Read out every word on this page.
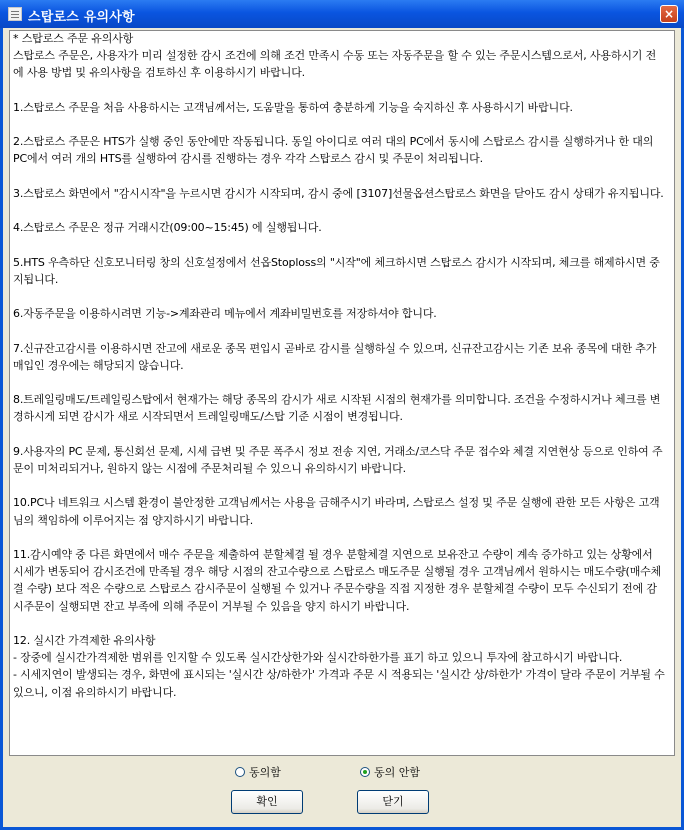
스탑로스 유의사항	×

* 스탑로스 주문 유의사항

스탑로스 주문은, 사용자가 미리 설정한 감시 조건에 의해 조건 만족시 수동 또는 자동주문을 할 수 있는 주문시스템으로서, 사용하시기 전에 사용 방법 및 유의사항을 검토하신 후 이용하시기 바랍니다.

1.스탑로스 주문을 처음 사용하시는 고객님께서는, 도움말을 통하여 충분하게 기능을 숙지하신 후 사용하시기 바랍니다.

2.스탑로스 주문은 HTS가 실행 중인 동안에만 작동됩니다. 동일 아이디로 여러 대의 PC에서 동시에 스탑로스 감시를 실행하거나 한 대의 PC에서 여러 개의 HTS를 실행하여 감시를 진행하는 경우 각각 스탑로스 감시 및 주문이 처리됩니다.

3.스탑로스 화면에서 "감시시작"을 누르시면 감시가 시작되며, 감시 중에 [3107]선물옵션스탑로스 화면을 닫아도 감시 상태가 유지됩니다.

4.스탑로스 주문은 정규 거래시간(09:00~15:45) 에 실행됩니다.

5.HTS 우측하단 신호모니터링 창의 신호설정에서 선옵Stoploss의 "시작"에 체크하시면 스탑로스 감시가 시작되며, 체크를 해제하시면 중지됩니다.

6.자동주문을 이용하시려면 기능->계좌관리 메뉴에서 계좌비밀번호를 저장하셔야 합니다.

7.신규잔고감시를 이용하시면 잔고에 새로운 종목 편입시 곧바로 감시를 실행하실 수 있으며, 신규잔고감시는 기존 보유 종목에 대한 추가 매입인 경우에는 해당되지 않습니다.

8.트레일링매도/트레일링스탑에서 현재가는 해당 종목의 감시가 새로 시작된 시점의 현재가를 의미합니다. 조건을 수정하시거나 체크를 변경하시게 되면 감시가 새로 시작되면서 트레일링매도/스탑 기준 시점이 변경됩니다.

9.사용자의 PC 문제, 통신회선 문제, 시세 급변 및 주문 폭주시 정보 전송 지연, 거래소/코스닥 주문 접수와 체결 지연현상 등으로 인하여 주문이 미처리되거나, 원하지 않는 시점에 주문처리될 수 있으니 유의하시기 바랍니다.

10.PC나 네트워크 시스템 환경이 불안정한 고객님께서는 사용을 금해주시기 바라며, 스탑로스 설정 및 주문 실행에 관한 모든 사항은 고객님의 책임하에 이루어지는 점 양지하시기 바랍니다.

11.감시예약 중 다른 화면에서 매수 주문을 제출하여 분할체결 될 경우 분할체결 지연으로 보유잔고 수량이 계속 증가하고 있는 상황에서 시세가 변동되어 감시조건에 만족될 경우 해당 시점의 잔고수량으로 스탑로스 매도주문 실행될 경우 고객님께서 원하시는 매도수량(매수체결 수량) 보다 적은 수량으로 스탑로스 감시주문이 실행될 수 있거나 주문수량을 직접 지정한 경우 분할체결 수량이 모두 수신되기 전에 감시주문이 실행되면 잔고 부족에 의해 주문이 거부될 수 있음을 양지 하시기 바랍니다.

12. 실시간 가격제한 유의사항
- 장중에 실시간가격제한 범위를 인지할 수 있도록 실시간상한가와 실시간하한가를 표기 하고 있으니 투자에 참고하시기 바랍니다.
- 시세지연이 발생되는 경우, 화면에 표시되는 '실시간 상/하한가' 가격과 주문 시 적용되는 '실시간 상/하한가' 가격이 달라 주문이 거부될 수 있으니, 이점 유의하시기 바랍니다.

동의함	동의 안함
확인	닫기
